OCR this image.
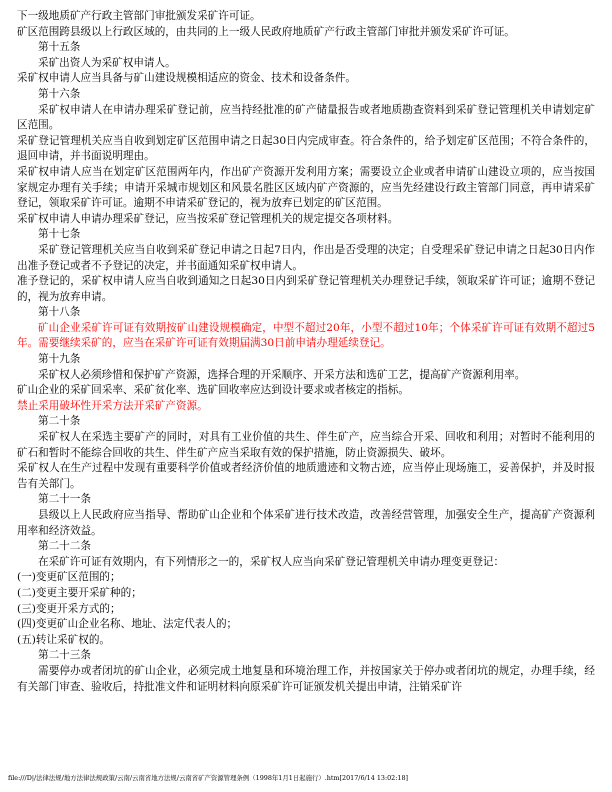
下一级地质矿产行政主管部门审批颁发采矿许可证。

矿区范围跨县级以上行政区域的，由共同的上一级人民政府地质矿产行政主管部门审批并颁发采矿许可证。

第十五条

采矿出资人为采矿权申请人。

采矿权申请人应当具备与矿山建设规模相适应的资金、技术和设备条件。

第十六条

采矿权申请人在申请办理采矿登记前，应当持经批准的矿产储量报告或者地质勘查资料到采矿登记管理机关申请划定矿区范围。

采矿登记管理机关应当自收到划定矿区范围申请之日起30日内完成审查。符合条件的，给予划定矿区范围；不符合条件的，退回申请，并书面说明理由。

采矿权申请人应当在划定矿区范围两年内，作出矿产资源开发利用方案；需要设立企业或者申请矿山建设立项的，应当按国家规定办理有关手续；申请开采城市规划区和风景名胜区区域内矿产资源的，应当先经建设行政主管部门同意，再申请采矿登记，领取采矿许可证。逾期不申请采矿登记的，视为放弃已划定的矿区范围。

采矿权申请人申请办理采矿登记，应当按采矿登记管理机关的规定提交各项材料。

第十七条

采矿登记管理机关应当自收到采矿登记申请之日起7日内，作出是否受理的决定；自受理采矿登记申请之日起30日内作出准予登记或者不予登记的决定，并书面通知采矿权申请人。

准予登记的，采矿权申请人应当自收到通知之日起30日内到采矿登记管理机关办理登记手续，领取采矿许可证；逾期不登记的，视为放弃申请。

第十八条

矿山企业采矿许可证有效期按矿山建设规模确定，中型不超过20年，小型不超过10年；个体采矿许可证有效期不超过5年。需要继续采矿的，应当在采矿许可证有效期届满30日前申请办理延续登记。

第十九条

采矿权人必须珍惜和保护矿产资源，选择合理的开采顺序、开采方法和选矿工艺，提高矿产资源利用率。

矿山企业的采矿回采率、采矿贫化率、选矿回收率应达到设计要求或者核定的指标。

禁止采用破坏性开采方法开采矿产资源。

第二十条

采矿权人在采选主要矿产的同时，对具有工业价值的共生、伴生矿产，应当综合开采、回收和利用；对暂时不能利用的矿石和暂时不能综合回收的共生、伴生矿产应当采取有效的保护措施，防止资源损失、破坏。

采矿权人在生产过程中发现有重要科学价值或者经济价值的地质遗迹和文物古迹，应当停止现场施工，妥善保护，并及时报告有关部门。

第二十一条

县级以上人民政府应当指导、帮助矿山企业和个体采矿进行技术改造，改善经营管理，加强安全生产，提高矿产资源利用率和经济效益。

第二十二条

在采矿许可证有效期内，有下列情形之一的，采矿权人应当向采矿登记管理机关申请办理变更登记：

(一)变更矿区范围的；

(二)变更主要开采矿种的；

(三)变更开采方式的；

(四)变更矿山企业名称、地址、法定代表人的；

(五)转让采矿权的。

第二十三条

需要停办或者闭坑的矿山企业，必须完成土地复垦和环境治理工作，并按国家关于停办或者闭坑的规定，办理手续，经有关部门审查、验收后，持批准文件和证明材料向原采矿许可证颁发机关提出申请，注销采矿许

file:///D|/法律法规/地方法律法规政策/云南/云南省地方法规/云南省矿产资源管理条例（1998年1月1日起施行）.htm[2017/6/14 13:02:18]
